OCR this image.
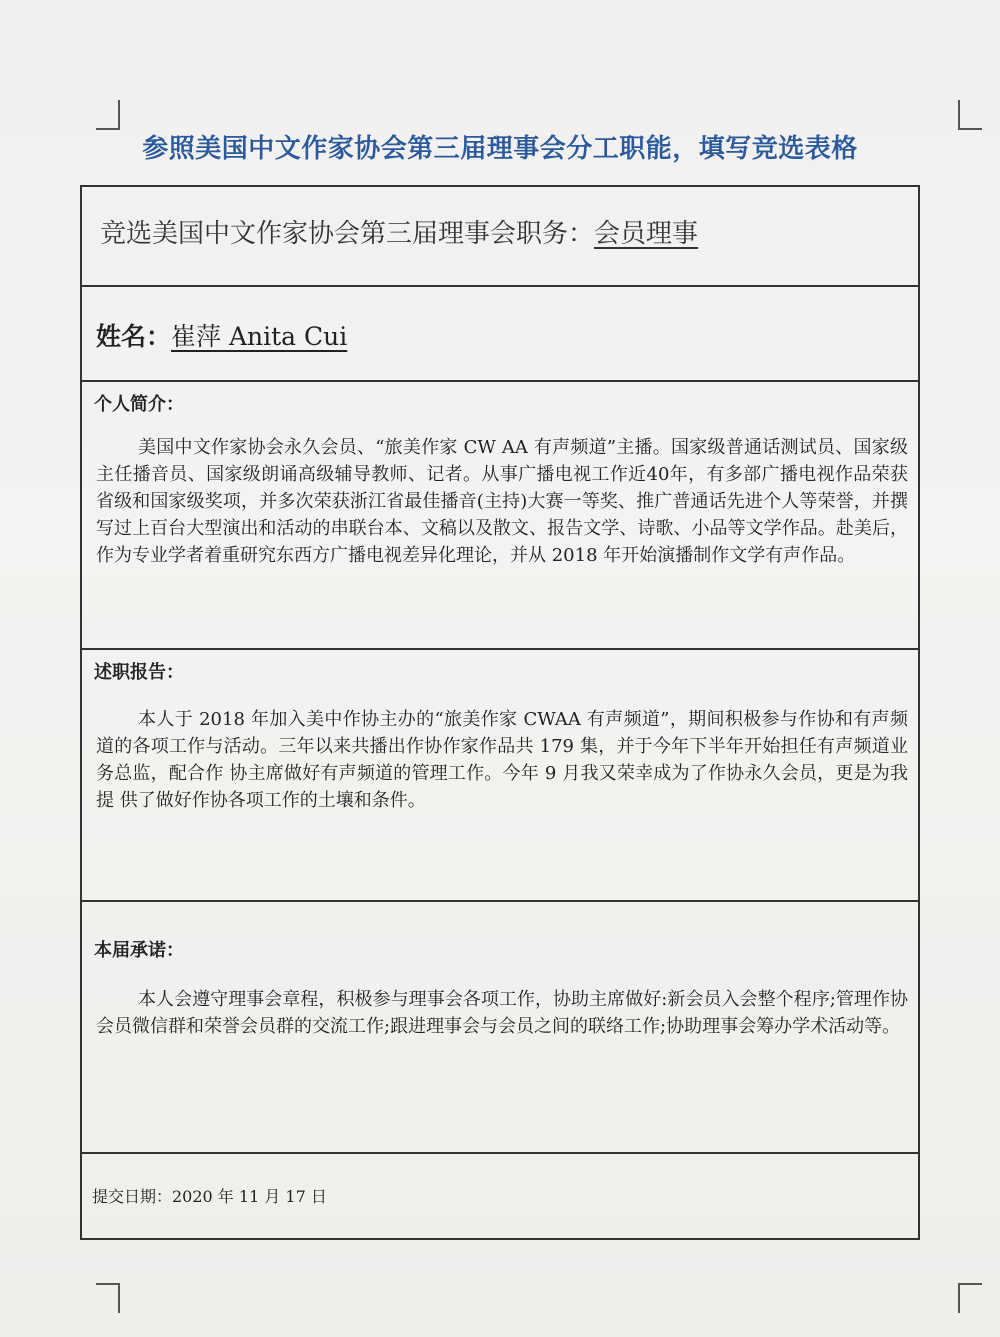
参照美国中文作家协会第三届理事会分工职能，填写竞选表格
竞选美国中文作家协会第三届理事会职务：会员理事
姓名：崔萍 Anita Cui
个人简介：
美国中文作家协会永久会员、“旅美作家 CW AA 有声频道”主播。国家级普通话测试员、国家级主任播音员、国家级朗诵高级辅导教师、记者。从事广播电视工作近40年，有多部广播电视作品荣获省级和国家级奖项，并多次荣获浙江省最佳播音(主持)大赛一等奖、推广普通话先进个人等荣誉，并撰写过上百台大型演出和活动的串联台本、文稿以及散文、报告文学、诗歌、小品等文学作品。赴美后，作为专业学者着重研究东西方广播电视差异化理论，并从 2018 年开始演播制作文学有声作品。
述职报告：
本人于 2018 年加入美中作协主办的“旅美作家 CWAA 有声频道”，期间积极参与作协和有声频道的各项工作与活动。三年以来共播出作协作家作品共 179 集，并于今年下半年开始担任有声频道业务总监，配合作 协主席做好有声频道的管理工作。今年 9 月我又荣幸成为了作协永久会员，更是为我提 供了做好作协各项工作的土壤和条件。
本届承诺：
本人会遵守理事会章程，积极参与理事会各项工作，协助主席做好:新会员入会整个程序;管理作协会员微信群和荣誉会员群的交流工作;跟进理事会与会员之间的联络工作;协助理事会筹办学术活动等。
提交日期：2020 年 11 月 17 日
